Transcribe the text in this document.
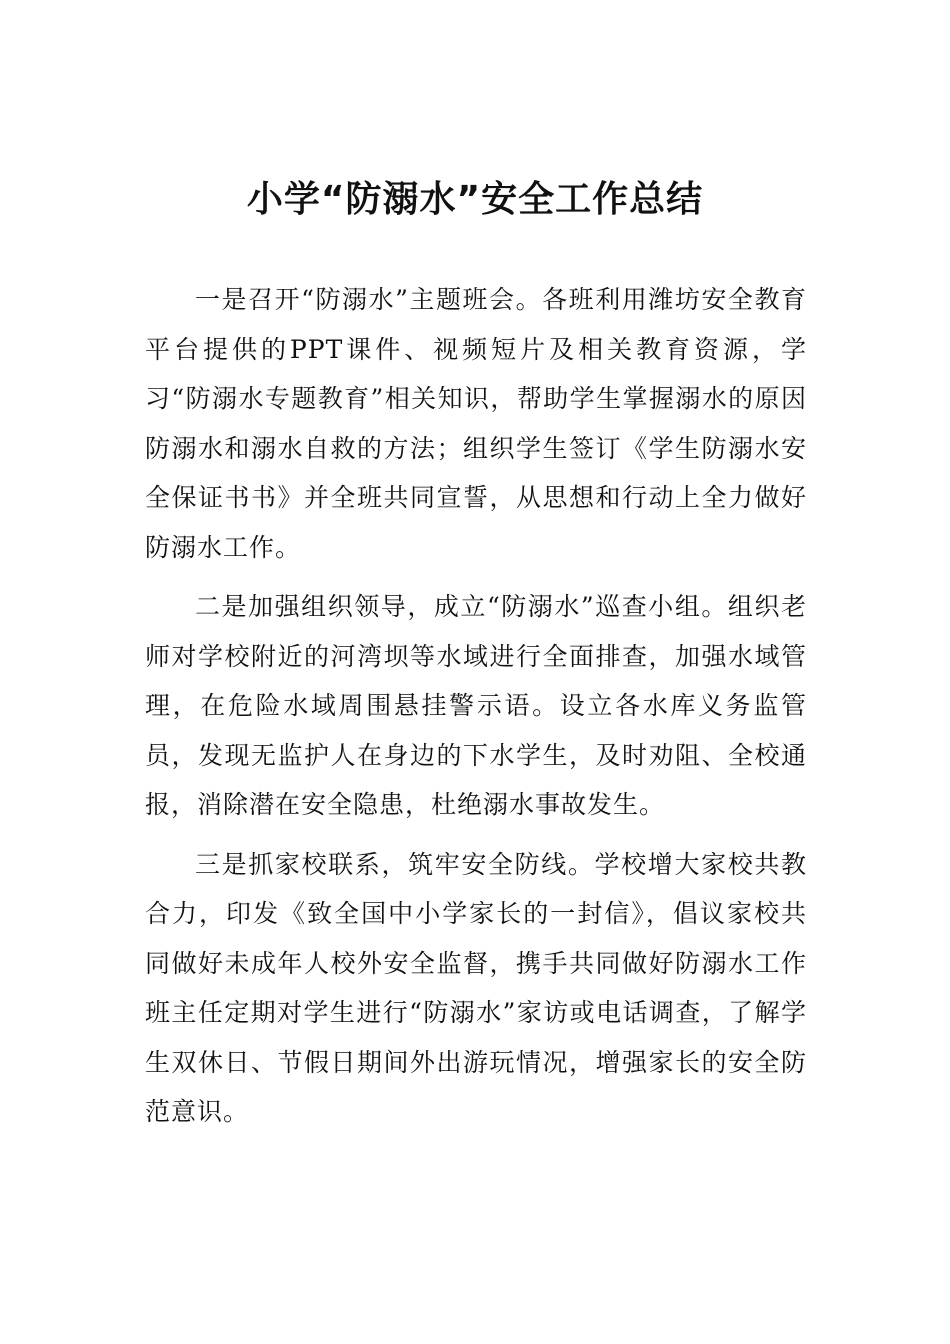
小学“防溺水”安全工作总结

一是召开“防溺水”主题班会。各班利用潍坊安全教育平台提供的PPT课件、视频短片及相关教育资源，学习“防溺水专题教育”相关知识，帮助学生掌握溺水的原因防溺水和溺水自救的方法；组织学生签订《学生防溺水安全保证书书》并全班共同宣誓，从思想和行动上全力做好防溺水工作。

二是加强组织领导，成立“防溺水”巡查小组。组织老师对学校附近的河湾坝等水域进行全面排查，加强水域管理，在危险水域周围悬挂警示语。设立各水库义务监管员，发现无监护人在身边的下水学生，及时劝阻、全校通报，消除潜在安全隐患，杜绝溺水事故发生。

三是抓家校联系，筑牢安全防线。学校增大家校共教合力，印发《致全国中小学家长的一封信》，倡议家校共同做好未成年人校外安全监督，携手共同做好防溺水工作班主任定期对学生进行“防溺水”家访或电话调查，了解学生双休日、节假日期间外出游玩情况，增强家长的安全防范意识。
